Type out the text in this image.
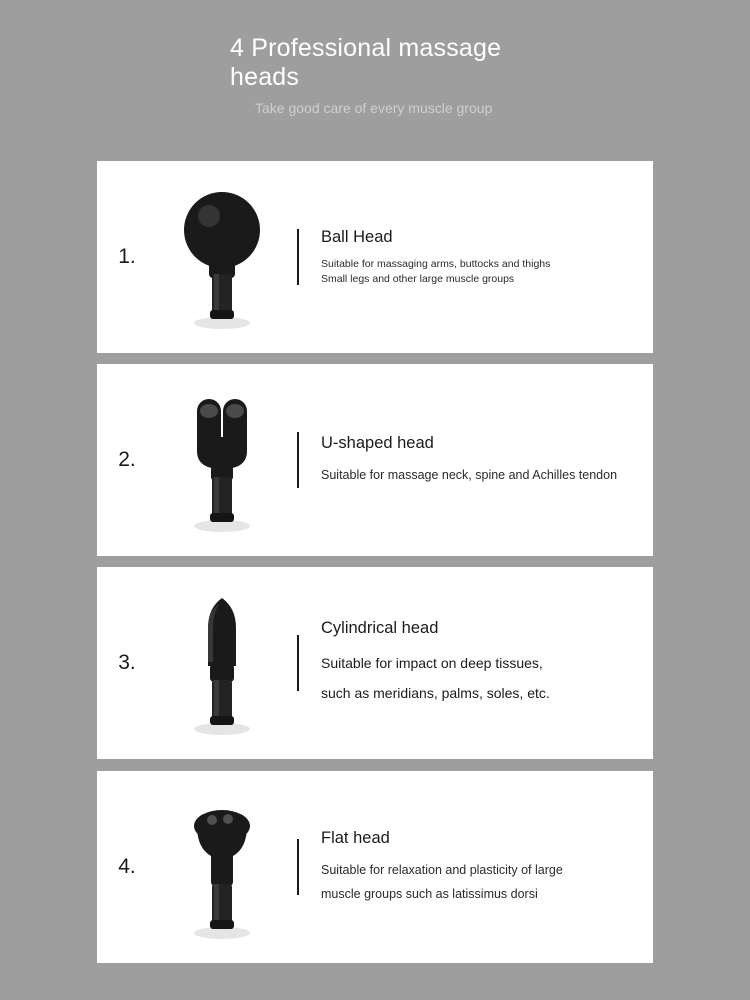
4 Professional massage heads
Take good care of every muscle group
1.
Ball Head
Suitable for massaging arms, buttocks and thighs
Small legs and other large muscle groups
2.
U-shaped head
Suitable for massage neck, spine and Achilles tendon
3.
Cylindrical head
Suitable for impact on deep tissues,
such as meridians, palms, soles, etc.
4.
Flat head
Suitable for relaxation and plasticity of large
muscle groups such as latissimus dorsi
